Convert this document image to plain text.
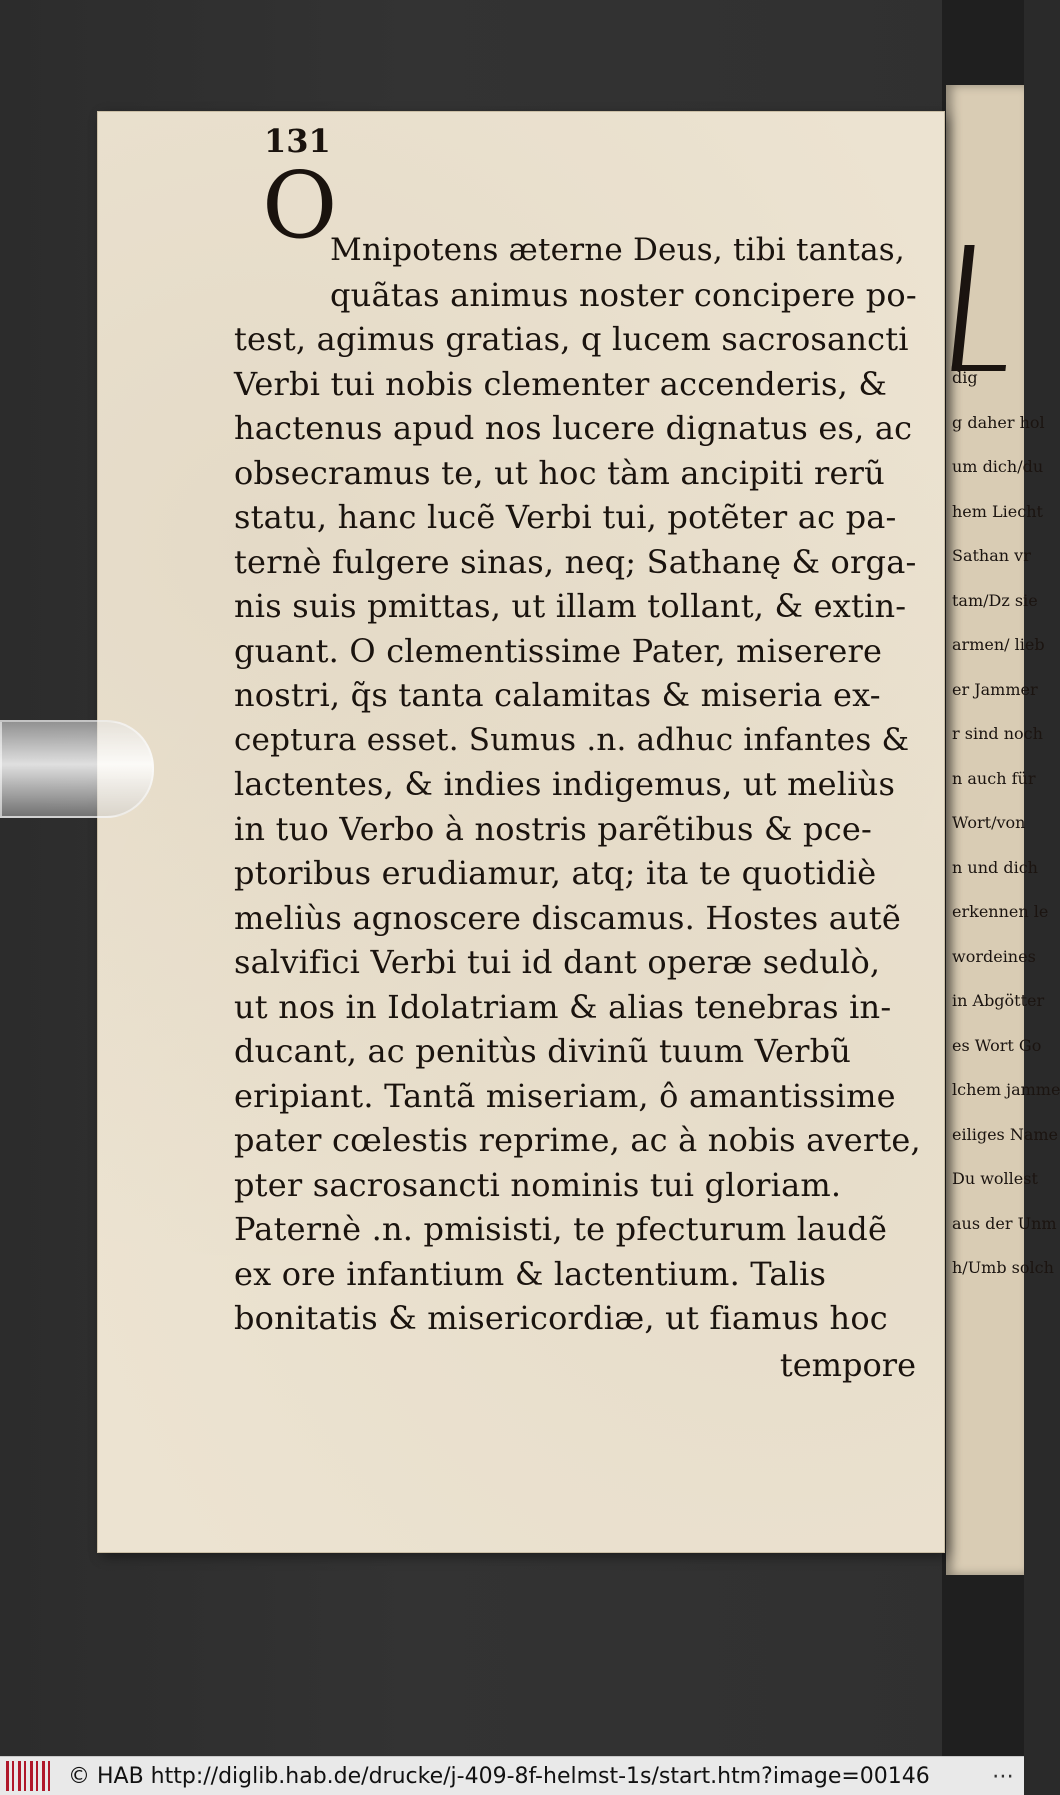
dig
g daher hol
um dich/du
hem Liecht
Sathan vr
tam/Dz sie
armen/ lieb
er Jammer
r sind noch
n auch für
Wort/von
n und dich
erkennen le
wordeines
in Abgötter
es Wort Go
lchem jamme
eiliges Name
Du wollest
aus der Unm
h/Umb solch
131
O
tempore
Mnipotens æterne Deus, tibi tantas,
quãtas animus noster concipere po-
test, agimus gratias, q lucem sacrosancti
Verbi tui nobis clementer accenderis, &
hactenus apud nos lucere dignatus es, ac
obsecramus te, ut hoc tàm ancipiti rerũ
statu, hanc lucẽ Verbi tui, potẽter ac pa-
ternè fulgere sinas, neq; Sathanę & orga-
nis suis pmittas, ut illam tollant, & extin-
guant. O clementissime Pater, miserere
nostri, q̃s tanta calamitas & miseria ex-
ceptura esset. Sumus .n. adhuc infantes &
lactentes, & indies indigemus, ut meliùs
in tuo Verbo à nostris parẽtibus & pce-
ptoribus erudiamur, atq; ita te quotidiè
meliùs agnoscere discamus. Hostes autẽ
salvifici Verbi tui id dant operæ sedulò,
ut nos in Idolatriam & alias tenebras in-
ducant, ac penitùs divinũ tuum Verbũ
eripiant. Tantã miseriam, ô amantissime
pater cœlestis reprime, ac à nobis averte,
pter sacrosancti nominis tui gloriam.
Paternè .n. pmisisti, te pfecturum laudẽ
ex ore infantium & lactentium. Talis
bonitatis & misericordiæ, ut fiamus hoc
© HAB http://diglib.hab.de/drucke/j-409-8f-helmst-1s/start.htm?image=00146	⋯
